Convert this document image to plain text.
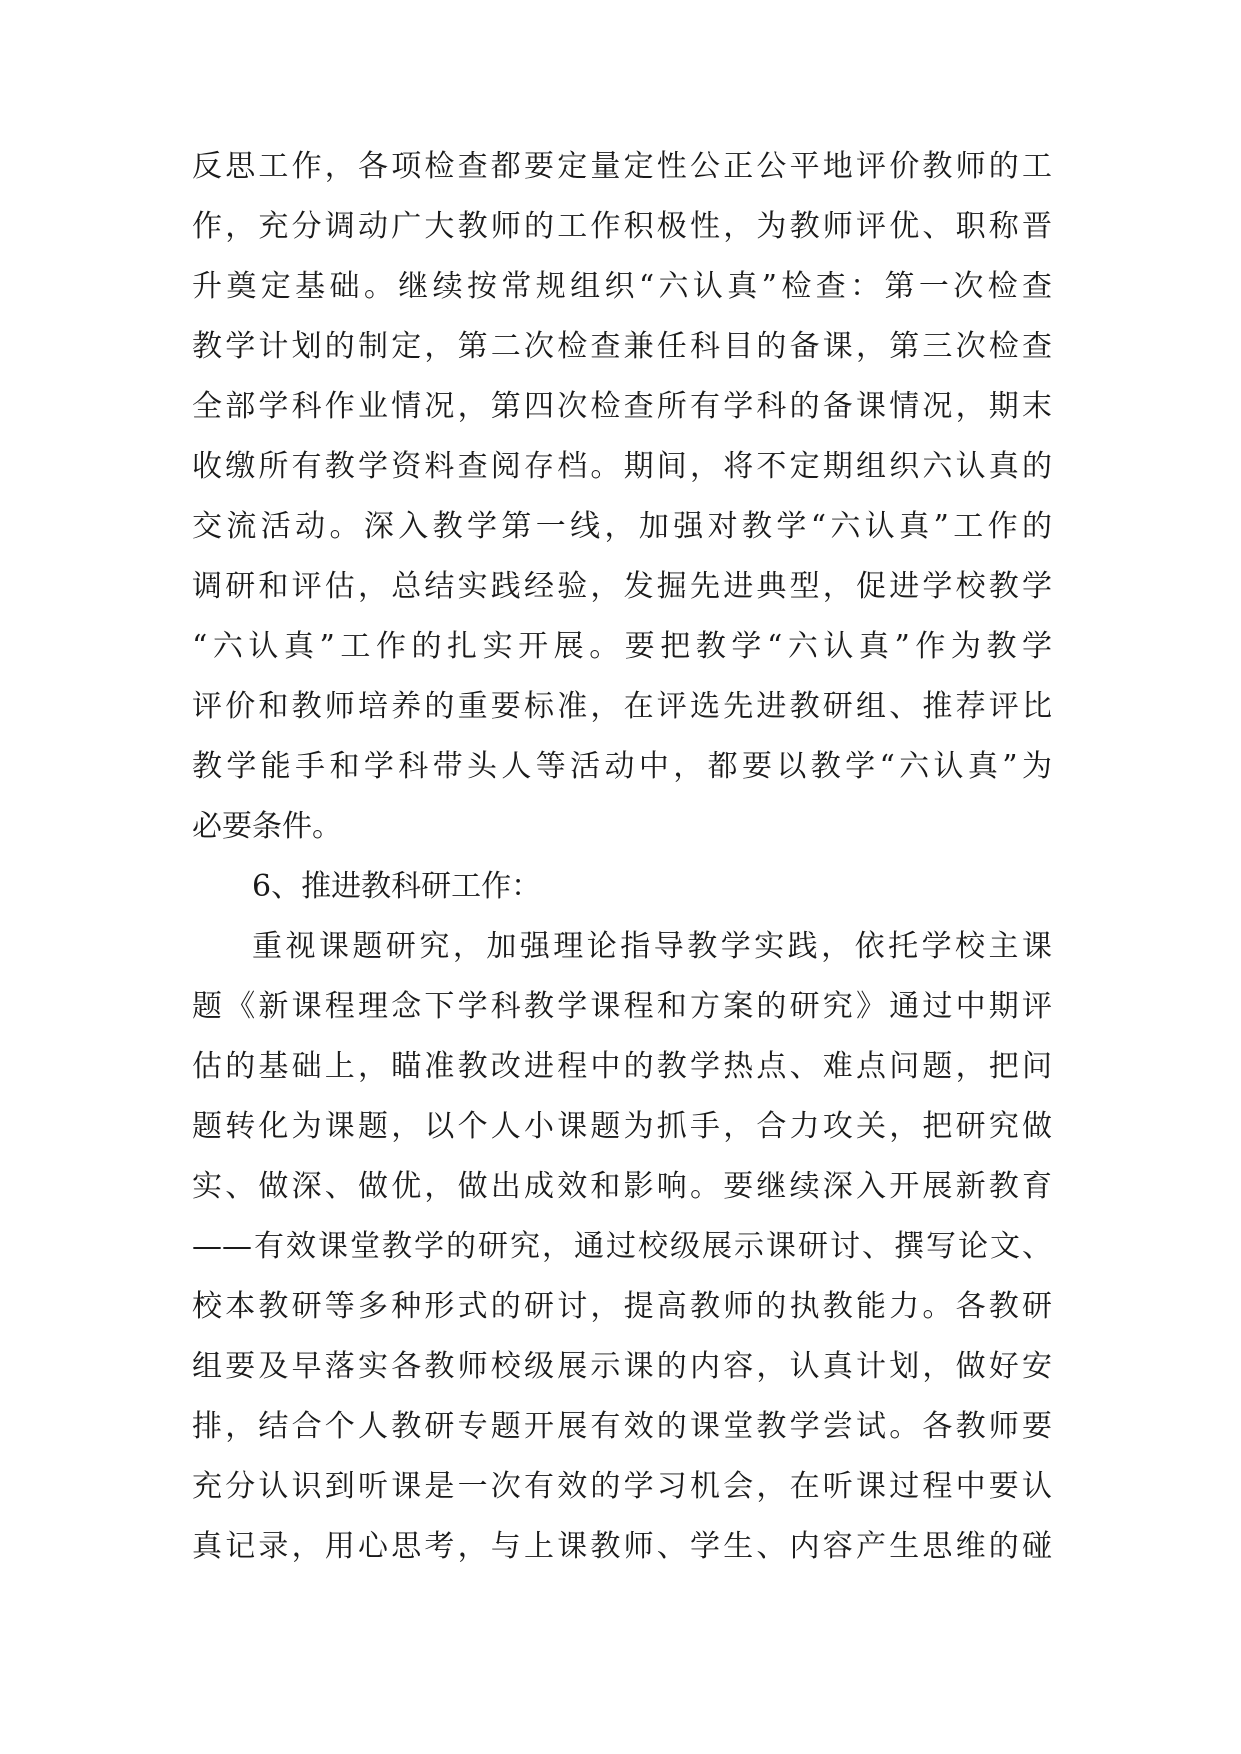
反思工作，各项检查都要定量定性公正公平地评价教师的工
作，充分调动广大教师的工作积极性，为教师评优、职称晋
升奠定基础。继续按常规组织“六认真”检查：第一次检查
教学计划的制定，第二次检查兼任科目的备课，第三次检查
全部学科作业情况，第四次检查所有学科的备课情况，期末
收缴所有教学资料查阅存档。期间，将不定期组织六认真的
交流活动。深入教学第一线，加强对教学“六认真”工作的
调研和评估，总结实践经验，发掘先进典型，促进学校教学
“六认真”工作的扎实开展。要把教学“六认真”作为教学
评价和教师培养的重要标准，在评选先进教研组、推荐评比
教学能手和学科带头人等活动中，都要以教学“六认真”为
必要条件。
6、推进教科研工作：
重视课题研究，加强理论指导教学实践，依托学校主课
题《新课程理念下学科教学课程和方案的研究》通过中期评
估的基础上，瞄准教改进程中的教学热点、难点问题，把问
题转化为课题，以个人小课题为抓手，合力攻关，把研究做
实、做深、做优，做出成效和影响。要继续深入开展新教育
——有效课堂教学的研究，通过校级展示课研讨、撰写论文、
校本教研等多种形式的研讨，提高教师的执教能力。各教研
组要及早落实各教师校级展示课的内容，认真计划，做好安
排，结合个人教研专题开展有效的课堂教学尝试。各教师要
充分认识到听课是一次有效的学习机会，在听课过程中要认
真记录，用心思考，与上课教师、学生、内容产生思维的碰
